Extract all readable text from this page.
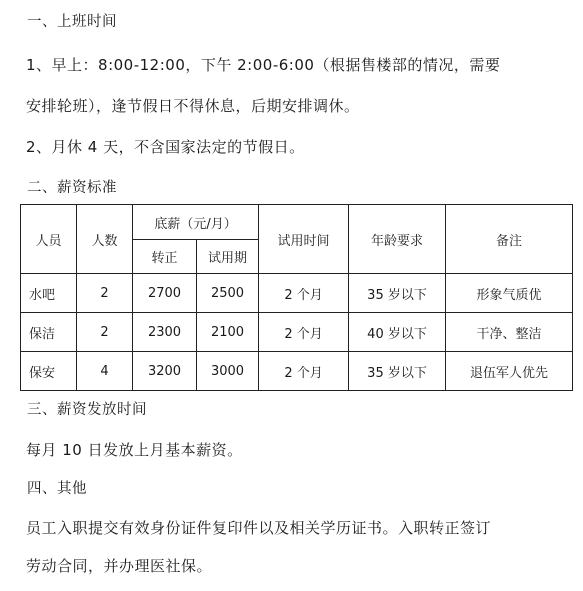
一、上班时间
1、早上：8:00-12:00，下午 2:00-6:00（根据售楼部的情况，需要
安排轮班），逢节假日不得休息，后期安排调休。
2、月休 4 天，不含国家法定的节假日。
二、薪资标准
人员	人数	底薪（元/月）		试用时间	年龄要求	备注
		转正	试用期			
水吧	2	2700	2500	2 个月	35 岁以下	形象气质优
保洁	2	2300	2100	2 个月	40 岁以下	干净、整洁
保安	4	3200	3000	2 个月	35 岁以下	退伍军人优先
三、薪资发放时间
每月 10 日发放上月基本薪资。
四、其他
员工入职提交有效身份证件复印件以及相关学历证书。入职转正签订
劳动合同，并办理医社保。
